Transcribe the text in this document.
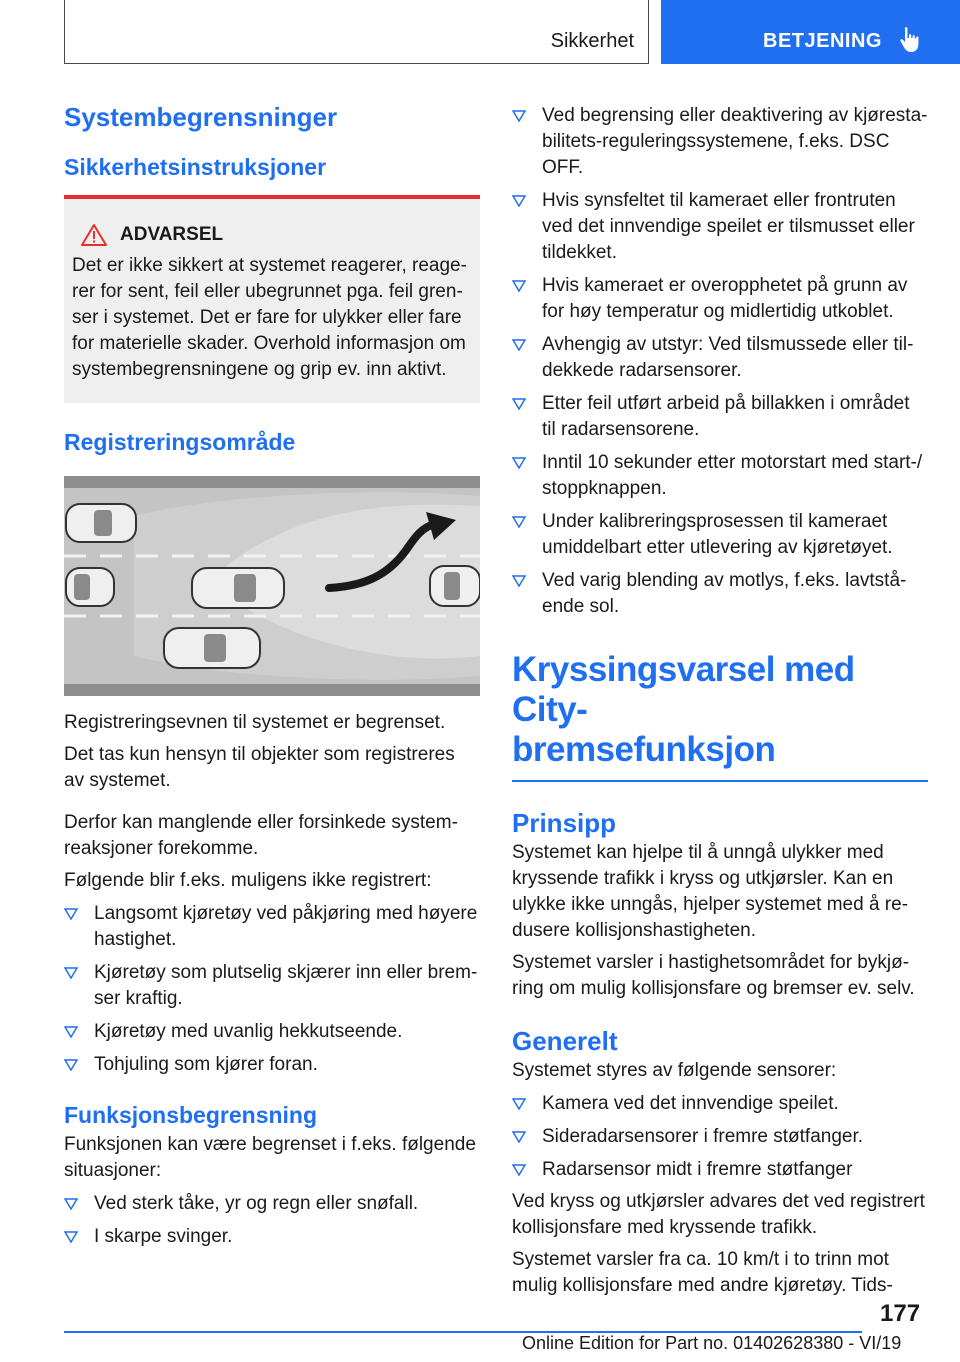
Sikkerhet	BETJENING
Systembegrensninger
Sikkerhetsinstruksjoner
ADVARSEL

Det er ikke sikkert at systemet reagerer, reagerer for sent, feil eller ubegrunnet pga. feil grenser i systemet. Det er fare for ulykker eller fare for materielle skader. Overhold informasjon om systembegrensningene og grip ev. inn aktivt.

Registreringsområde

Registreringsevnen til systemet er begrenset.

Det tas kun hensyn til objekter som registreres av systemet.

Derfor kan manglende eller forsinkede systemreaksjoner forekomme.

Følgende blir f.eks. muligens ikke registrert:

Langsomt kjøretøy ved påkjøring med høyere hastighet.
Kjøretøy som plutselig skjærer inn eller bremser kraftig.
Kjøretøy med uvanlig hekkutseende.
Tohjuling som kjører foran.
Funksjonsbegrensning

Funksjonen kan være begrenset i f.eks. følgende situasjoner:

Ved sterk tåke, yr og regn eller snøfall.
I skarpe svinger.
Ved begrensing eller deaktivering av kjørestabilitets-reguleringssystemene, f.eks. DSC OFF.
Hvis synsfeltet til kameraet eller frontruten ved det innvendige speilet er tilsmusset eller tildekket.
Hvis kameraet er overopphetet på grunn av for høy temperatur og midlertidig utkoblet.
Avhengig av utstyr: Ved tilsmussede eller tildekkede radarsensorer.
Etter feil utført arbeid på billakken i området til radarsensorene.
Inntil 10 sekunder etter motorstart med start-/ stoppknappen.
Under kalibreringsprosessen til kameraet umiddelbart etter utlevering av kjøretøyet.
Ved varig blending av motlys, f.eks. lavtstående sol.
Kryssingsvarsel med City-
bremsefunksjon
Prinsipp

Systemet kan hjelpe til å unngå ulykker med kryssende trafikk i kryss og utkjørsler. Kan en ulykke ikke unngås, hjelper systemet med å redusere kollisjonshastigheten.

Systemet varsler i hastighetsområdet for bykjøring om mulig kollisjonsfare og bremser ev. selv.

Generelt

Systemet styres av følgende sensorer:

Kamera ved det innvendige speilet.
Sideradarsensorer i fremre støtfanger.
Radarsensor midt i fremre støtfanger

Ved kryss og utkjørsler advares det ved registrert kollisjonsfare med kryssende trafikk.

Systemet varsler fra ca. 10 km/t i to trinn mot mulig kollisjonsfare med andre kjøretøy. Tids-

177
Online Edition for Part no. 01402628380 - VI/19
